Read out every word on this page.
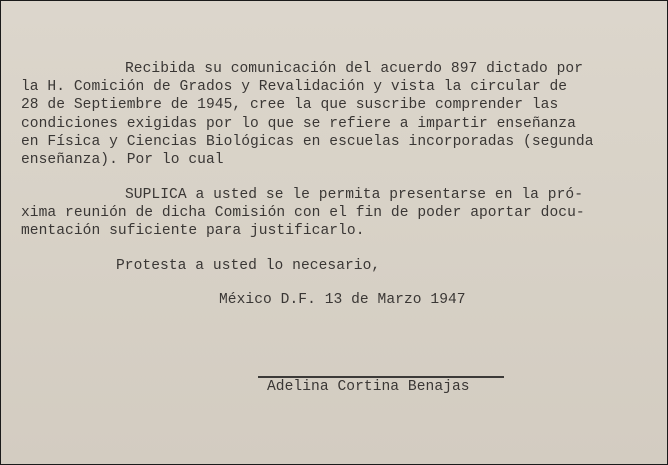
Recibida su comunicación del acuerdo 897 dictado por

la H. Comición de Grados y Revalidación y vista la circular de

28 de Septiembre de 1945, cree la que suscribe comprender las

condiciones exigidas por lo que se refiere a impartir enseñanza

en Física y Ciencias Biológicas en escuelas incorporadas (segunda

enseñanza). Por lo cual

SUPLICA a usted se le permita presentarse en la pró-

xima reunión de dicha Comisión con el fin de poder aportar docu-

mentación suficiente para justificarlo.

Protesta a usted lo necesario,

México D.F. 13 de Marzo 1947

Adelina Cortina Benajas
